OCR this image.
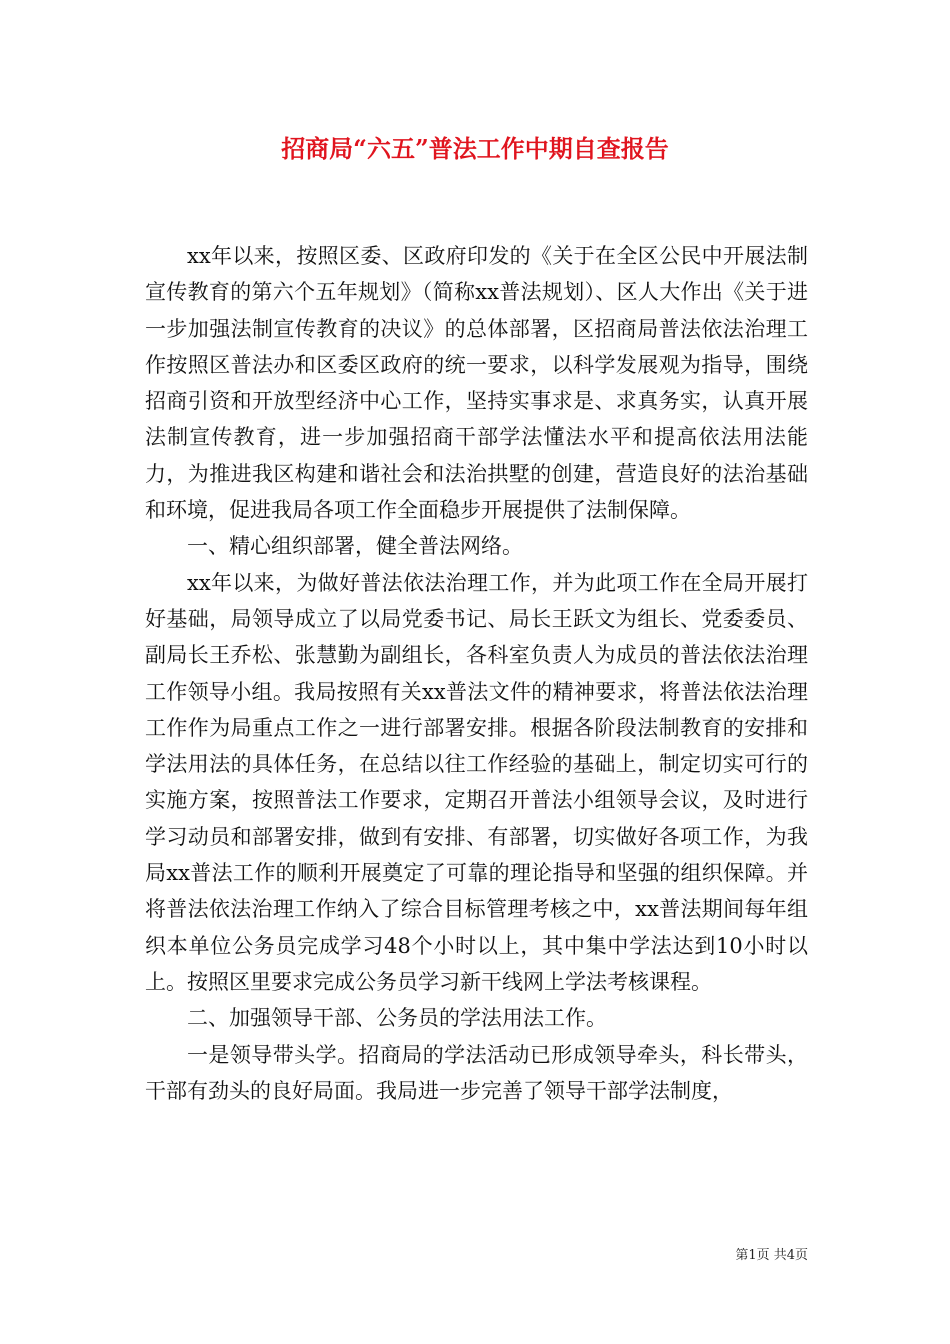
招商局“六五”普法工作中期自查报告

xx年以来，按照区委、区政府印发的《关于在全区公民中开展法制宣传教育的第六个五年规划》（简称xx普法规划）、区人大作出《关于进一步加强法制宣传教育的决议》的总体部署，区招商局普法依法治理工作按照区普法办和区委区政府的统一要求，以科学发展观为指导，围绕招商引资和开放型经济中心工作，坚持实事求是、求真务实，认真开展法制宣传教育，进一步加强招商干部学法懂法水平和提高依法用法能力，为推进我区构建和谐社会和法治拱墅的创建，营造良好的法治基础和环境，促进我局各项工作全面稳步开展提供了法制保障。

一、精心组织部署，健全普法网络。

xx年以来，为做好普法依法治理工作，并为此项工作在全局开展打好基础，局领导成立了以局党委书记、局长王跃文为组长、党委委员、副局长王乔松、张慧勤为副组长，各科室负责人为成员的普法依法治理工作领导小组。我局按照有关xx普法文件的精神要求，将普法依法治理工作作为局重点工作之一进行部署安排。根据各阶段法制教育的安排和学法用法的具体任务，在总结以往工作经验的基础上，制定切实可行的实施方案，按照普法工作要求，定期召开普法小组领导会议，及时进行学习动员和部署安排，做到有安排、有部署，切实做好各项工作，为我局xx普法工作的顺利开展奠定了可靠的理论指导和坚强的组织保障。并将普法依法治理工作纳入了综合目标管理考核之中，xx普法期间每年组织本单位公务员完成学习48个小时以上，其中集中学法达到10小时以上。按照区里要求完成公务员学习新干线网上学法考核课程。

二、加强领导干部、公务员的学法用法工作。

一是领导带头学。招商局的学法活动已形成领导牵头，科长带头，干部有劲头的良好局面。我局进一步完善了领导干部学法制度，

第1页 共4页
